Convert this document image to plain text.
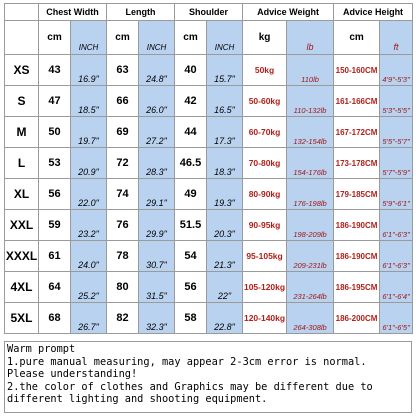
	Chest Width		Length		Shoulder		Advice Weight		Advice Height	
	cm	INCH	cm	INCH	cm	INCH	kg	lb	cm	ft
XS	43	16.9"	63	24.8"	40	15.7"	50kg	110lb	150-160CM	4'9"-5'3"
S	47	18.5"	66	26.0"	42	16.5"	50-60kg	110-132lb	161-166CM	5'3"-5'5"
M	50	19.7"	69	27.2"	44	17.3"	60-70kg	132-154lb	167-172CM	5'5"-5'7"
L	53	20.9"	72	28.3"	46.5	18.3"	70-80kg	154-176lb	173-178CM	5'7"-5'9"
XL	56	22.0"	74	29.1"	49	19.3"	80-90kg	176-198lb	179-185CM	5'9"-6'1"
XXL	59	23.2"	76	29.9"	51.5	20.3"	90-95kg	198-209lb	186-190CM	6'1"-6'3"
XXXL	61	24.0"	78	30.7"	54	21.3"	95-105kg	209-231lb	186-190CM	6'1"-6'3"
4XL	64	25.2"	80	31.5"	56	22"	105-120kg	231-264lb	186-195CM	6'1"-6'4"
5XL	68	26.7"	82	32.3"	58	22.8"	120-140kg	264-308lb	186-200CM	6'1"-6'5"

Warm prompt

1.pure manual measuring, may appear 2-3cm error is normal. Please understanding!

2.the color of clothes and Graphics may be different due to different lighting and shooting equipment.
